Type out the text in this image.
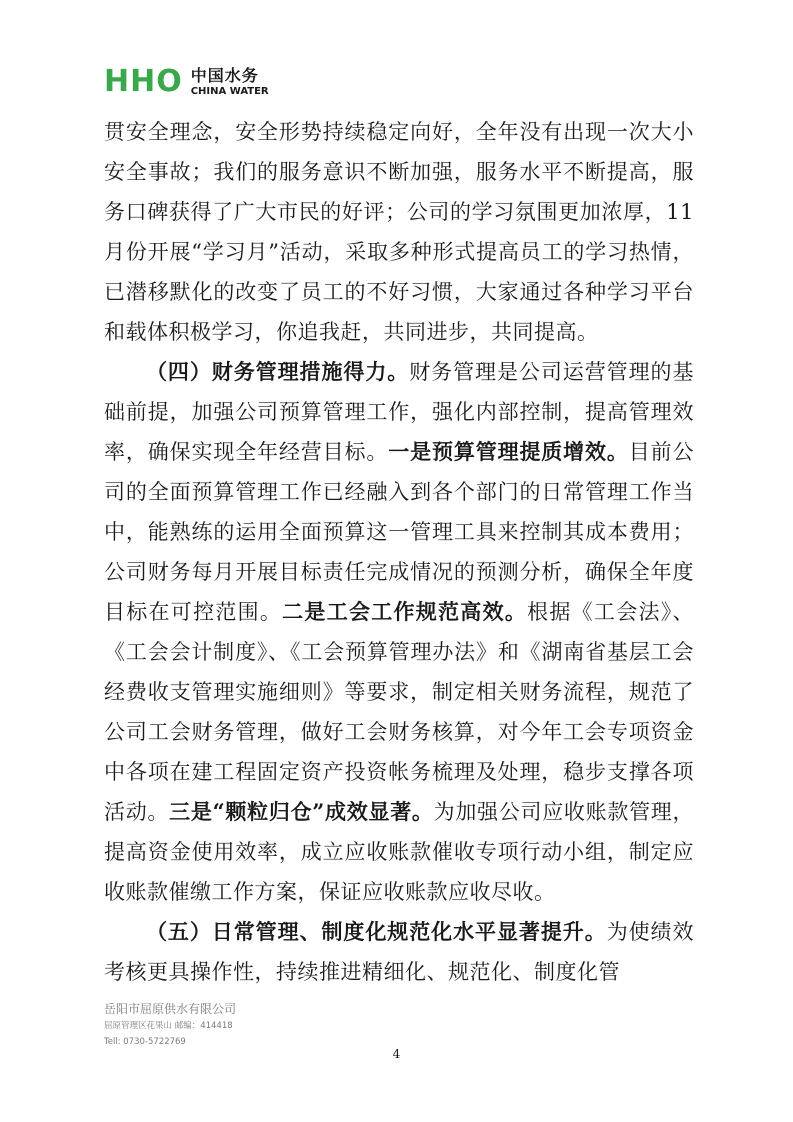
HHO 中国水务
CHINA WATER

贯安全理念，安全形势持续稳定向好，全年没有出现一次大小安全事故；我们的服务意识不断加强，服务水平不断提高，服务口碑获得了广大市民的好评；公司的学习氛围更加浓厚，11月份开展“学习月”活动，采取多种形式提高员工的学习热情，已潜移默化的改变了员工的不好习惯，大家通过各种学习平台和载体积极学习，你追我赶，共同进步，共同提高。

（四）财务管理措施得力。财务管理是公司运营管理的基础前提，加强公司预算管理工作，强化内部控制，提高管理效率，确保实现全年经营目标。一是预算管理提质增效。目前公司的全面预算管理工作已经融入到各个部门的日常管理工作当中，能熟练的运用全面预算这一管理工具来控制其成本费用；公司财务每月开展目标责任完成情况的预测分析，确保全年度目标在可控范围。二是工会工作规范高效。根据《工会法》、《工会会计制度》、《工会预算管理办法》和《湖南省基层工会经费收支管理实施细则》等要求，制定相关财务流程，规范了公司工会财务管理，做好工会财务核算，对今年工会专项资金中各项在建工程固定资产投资帐务梳理及处理，稳步支撑各项活动。三是“颗粒归仓”成效显著。为加强公司应收账款管理，提高资金使用效率，成立应收账款催收专项行动小组，制定应收账款催缴工作方案，保证应收账款应收尽收。

（五）日常管理、制度化规范化水平显著提升。为使绩效考核更具操作性，持续推进精细化、规范化、制度化管

岳阳市屈原供水有限公司
屈原管理区花果山 邮编：414418
Tell: 0730-5722769
4
